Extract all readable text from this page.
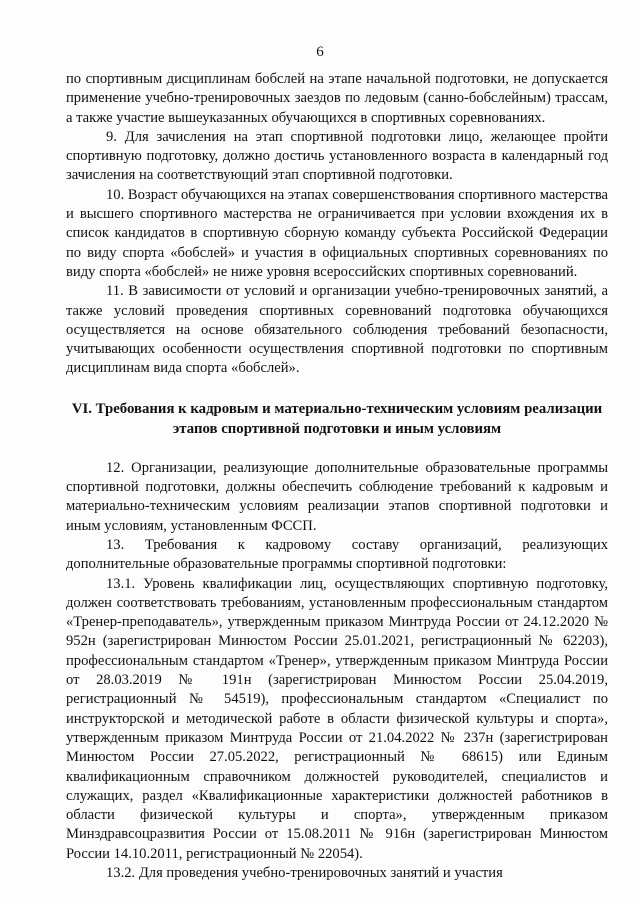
6

по спортивным дисциплинам бобслей на этапе начальной подготовки, не допускается применение учебно-тренировочных заездов по ледовым (санно-бобслейным) трассам, а также участие вышеуказанных обучающихся в спортивных соревнованиях.

9. Для зачисления на этап спортивной подготовки лицо, желающее пройти спортивную подготовку, должно достичь установленного возраста в календарный год зачисления на соответствующий этап спортивной подготовки.

10. Возраст обучающихся на этапах совершенствования спортивного мастерства и высшего спортивного мастерства не ограничивается при условии вхождения их в список кандидатов в спортивную сборную команду субъекта Российской Федерации по виду спорта «бобслей» и участия в официальных спортивных соревнованиях по виду спорта «бобслей» не ниже уровня всероссийских спортивных соревнований.

11. В зависимости от условий и организации учебно-тренировочных занятий, а также условий проведения спортивных соревнований подготовка обучающихся осуществляется на основе обязательного соблюдения требований безопасности, учитывающих особенности осуществления спортивной подготовки по спортивным дисциплинам вида спорта «бобслей».

VI. Требования к кадровым и материально-техническим условиям реализации этапов спортивной подготовки и иным условиям

12. Организации, реализующие дополнительные образовательные программы спортивной подготовки, должны обеспечить соблюдение требований к кадровым и материально-техническим условиям реализации этапов спортивной подготовки и иным условиям, установленным ФССП.

13. Требования к кадровому составу организаций, реализующих дополнительные образовательные программы спортивной подготовки:

13.1. Уровень квалификации лиц, осуществляющих спортивную подготовку, должен соответствовать требованиям, установленным профессиональным стандартом «Тренер-преподаватель», утвержденным приказом Минтруда России от 24.12.2020 № 952н (зарегистрирован Минюстом России 25.01.2021, регистрационный № 62203), профессиональным стандартом «Тренер», утвержденным приказом Минтруда России от 28.03.2019 № 191н (зарегистрирован Минюстом России 25.04.2019, регистрационный № 54519), профессиональным стандартом «Специалист по инструкторской и методической работе в области физической культуры и спорта», утвержденным приказом Минтруда России от 21.04.2022 № 237н (зарегистрирован Минюстом России 27.05.2022, регистрационный № 68615) или Единым квалификационным справочником должностей руководителей, специалистов и служащих, раздел «Квалификационные характеристики должностей работников в области физической культуры и спорта», утвержденным приказом Минздравсоцразвития России от 15.08.2011 № 916н (зарегистрирован Минюстом России 14.10.2011, регистрационный № 22054).

13.2. Для проведения учебно-тренировочных занятий и участия
